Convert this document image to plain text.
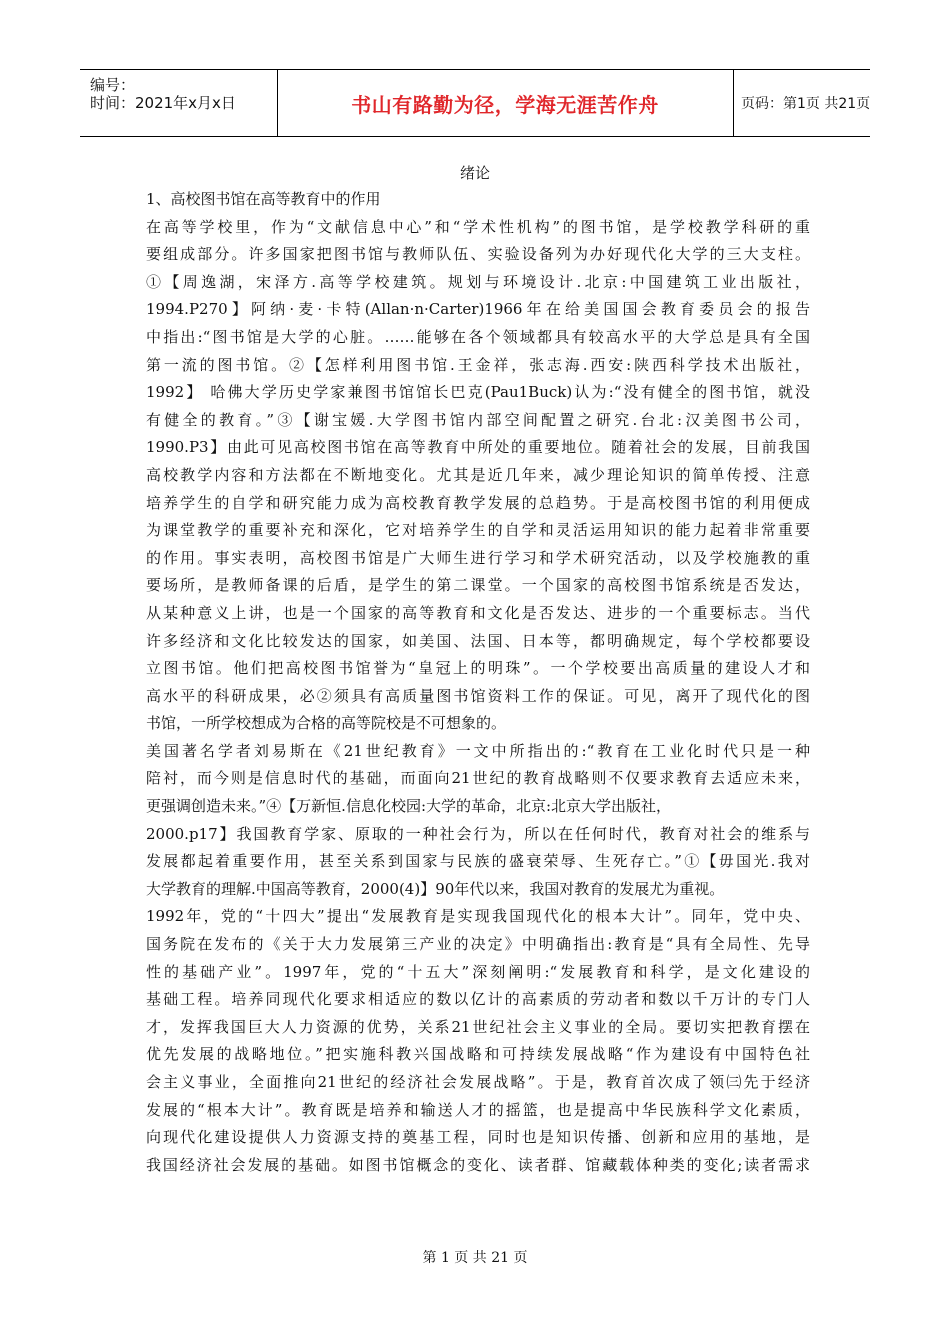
编号：
时间：2021年x月x日	书山有路勤为径，学海无涯苦作舟	页码：第1页 共21页
绪论
1、高校图书馆在高等教育中的作用
在高等学校里，作为“文献信息中心”和“学术性机构”的图书馆，是学校教学科研的重
要组成部分。许多国家把图书馆与教师队伍、实验设备列为办好现代化大学的三大支柱。
①【周逸湖，宋泽方.高等学校建筑。规划与环境设计.北京:中国建筑工业出版社，
1994.P270】阿纳·麦·卡特(Allan·n·Carter)1966年在给美国国会教育委员会的报告
中指出:“图书馆是大学的心脏。……能够在各个领域都具有较高水平的大学总是具有全国
第一流的图书馆。②【怎样利用图书馆.王金祥，张志海.西安:陕西科学技术出版社，
1992】 哈佛大学历史学家兼图书馆馆长巴克(Pau1Buck)认为:“没有健全的图书馆，就没
有健全的教育。”③【谢宝媛.大学图书馆内部空间配置之研究.台北:汉美图书公司，
1990.P3】由此可见高校图书馆在高等教育中所处的重要地位。随着社会的发展，目前我国
高校教学内容和方法都在不断地变化。尤其是近几年来，减少理论知识的简单传授、注意
培养学生的自学和研究能力成为高校教育教学发展的总趋势。于是高校图书馆的利用便成
为课堂教学的重要补充和深化，它对培养学生的自学和灵活运用知识的能力起着非常重要
的作用。事实表明，高校图书馆是广大师生进行学习和学术研究活动，以及学校施教的重
要场所，是教师备课的后盾，是学生的第二课堂。一个国家的高校图书馆系统是否发达，
从某种意义上讲，也是一个国家的高等教育和文化是否发达、进步的一个重要标志。当代
许多经济和文化比较发达的国家，如美国、法国、日本等，都明确规定，每个学校都要设
立图书馆。他们把高校图书馆誉为“皇冠上的明珠”。一个学校要出高质量的建设人才和
高水平的科研成果，必②须具有高质量图书馆资料工作的保证。可见，离开了现代化的图
书馆，一所学校想成为合格的高等院校是不可想象的。
美国著名学者刘易斯在《21世纪教育》一文中所指出的:“教育在工业化时代只是一种
陪衬，而今则是信息时代的基础，而面向21世纪的教育战略则不仅要求教育去适应未来，
更强调创造未来。”④【万新恒.信息化校园:大学的革命，北京:北京大学出版社，
2000.p17】我国教育学家、原取的一种社会行为，所以在任何时代，教育对社会的维系与
发展都起着重要作用，甚至关系到国家与民族的盛衰荣辱、生死存亡。”①【毋国光.我对
大学教育的理解.中国高等教育，2000(4)】90年代以来，我国对教育的发展尤为重视。
1992年，党的“十四大”提出“发展教育是实现我国现代化的根本大计”。同年，党中央、
国务院在发布的《关于大力发展第三产业的决定》中明确指出:教育是“具有全局性、先导
性的基础产业”。1997年，党的“十五大”深刻阐明:“发展教育和科学，是文化建设的
基础工程。培养同现代化要求相适应的数以亿计的高素质的劳动者和数以千万计的专门人
才，发挥我国巨大人力资源的优势，关系21世纪社会主义事业的全局。要切实把教育摆在
优先发展的战略地位。”把实施科教兴国战略和可持续发展战略“作为建设有中国特色社
会主义事业，全面推向21世纪的经济社会发展战略”。于是，教育首次成了领㈢先于经济
发展的“根本大计”。教育既是培养和输送人才的摇篮，也是提高中华民族科学文化素质，
向现代化建设提供人力资源支持的奠基工程，同时也是知识传播、创新和应用的基地，是
我国经济社会发展的基础。如图书馆概念的变化、读者群、馆藏载体种类的变化;读者需求
第 1 页 共 21 页
